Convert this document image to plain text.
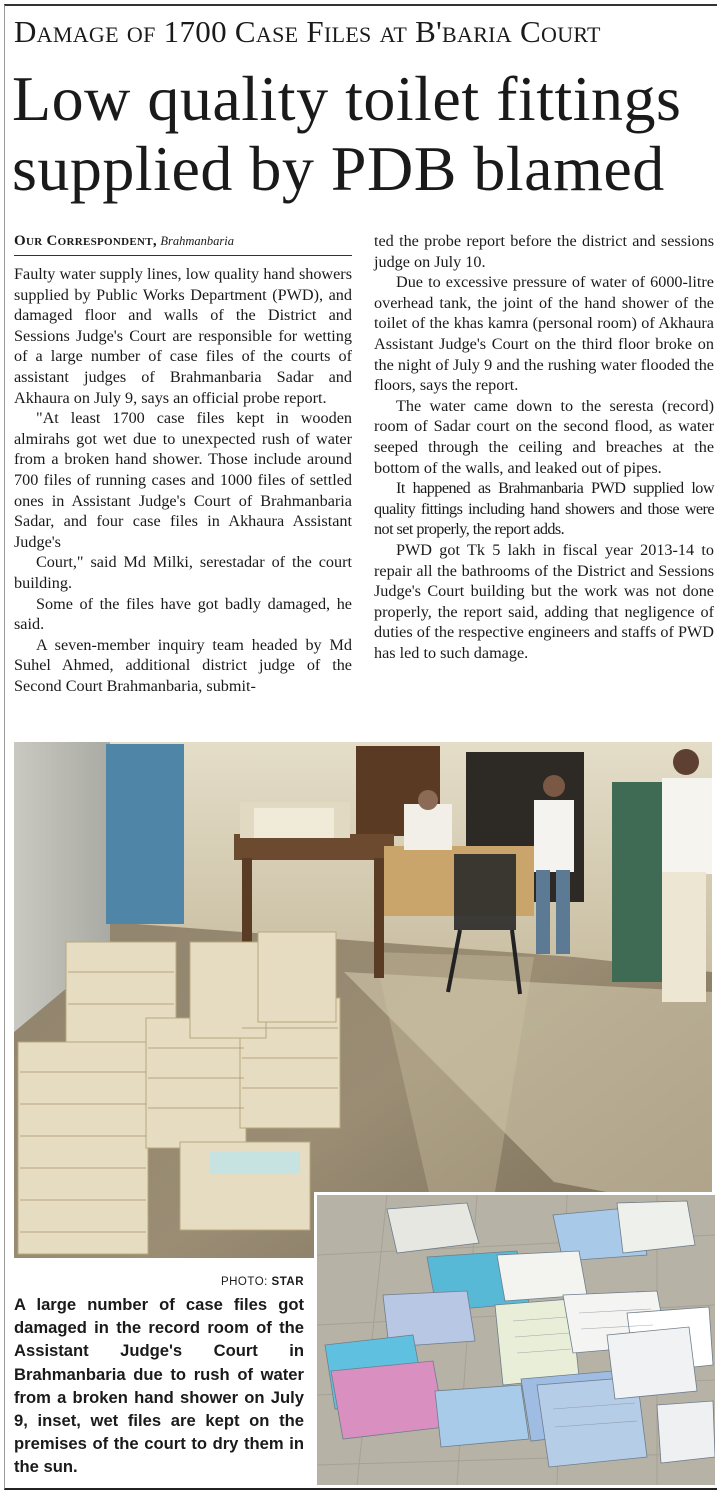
Damage of 1700 Case Files at B'baria Court
Low quality toilet fittings
supplied by PDB blamed
Our Correspondent, Brahmanbaria

Faulty water supply lines, low quality hand showers supplied by Public Works Department (PWD), and damaged floor and walls of the District and Sessions Judge's Court are responsible for wetting of a large number of case files of the courts of assistant judges of Brahmanbaria Sadar and Akhaura on July 9, says an official probe report.

"At least 1700 case files kept in wooden almirahs got wet due to unexpected rush of water from a broken hand shower. Those include around 700 files of running cases and 1000 files of settled ones in Assistant Judge's Court of Brahmanbaria Sadar, and four case files in Akhaura Assistant Judge's

Court," said Md Milki, serestadar of the court building.

Some of the files have got badly damaged, he said.

A seven-member inquiry team headed by Md Suhel Ahmed, additional district judge of the Second Court Brahmanbaria, submit-

ted the probe report before the district and sessions judge on July 10.

Due to excessive pressure of water of 6000-litre overhead tank, the joint of the hand shower of the toilet of the khas kamra (personal room) of Akhaura Assistant Judge's Court on the third floor broke on the night of July 9 and the rushing water flooded the floors, says the report.

The water came down to the seresta (record) room of Sadar court on the second flood, as water seeped through the ceiling and breaches at the bottom of the walls, and leaked out of pipes.

It happened as Brahmanbaria PWD supplied low quality fittings including hand showers and those were not set properly, the report adds.

PWD got Tk 5 lakh in fiscal year 2013-14 to repair all the bathrooms of the District and Sessions Judge's Court building but the work was not done properly, the report said, adding that negligence of duties of the respective engineers and staffs of PWD has led to such damage.

PHOTO: STAR
A large number of case files got damaged in the record room of the Assistant Judge's Court in Brahmanbaria due to rush of water from a broken hand shower on July 9, inset, wet files are kept on the premises of the court to dry them in the sun.
